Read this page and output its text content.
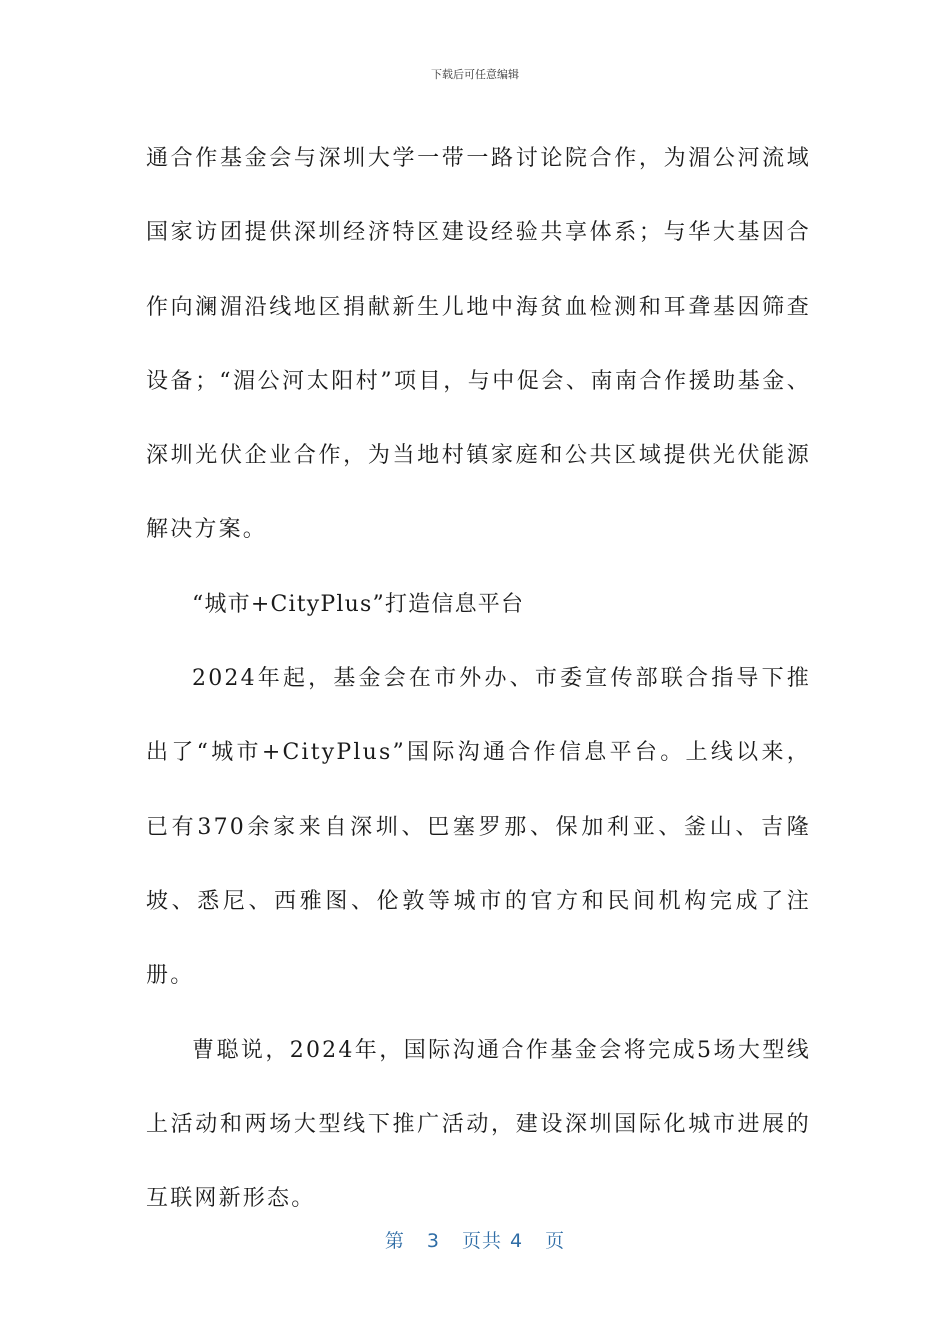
下载后可任意编辑

通合作基金会与深圳大学一带一路讨论院合作，为湄公河流域国家访团提供深圳经济特区建设经验共享体系；与华大基因合作向澜湄沿线地区捐献新生儿地中海贫血检测和耳聋基因筛查设备；“湄公河太阳村”项目，与中促会、南南合作援助基金、深圳光伏企业合作，为当地村镇家庭和公共区域提供光伏能源解决方案。

“城市+CityPlus”打造信息平台

2024年起，基金会在市外办、市委宣传部联合指导下推出了“城市+CityPlus”国际沟通合作信息平台。上线以来，已有370余家来自深圳、巴塞罗那、保加利亚、釜山、吉隆坡、悉尼、西雅图、伦敦等城市的官方和民间机构完成了注册。

曹聪说，2024年，国际沟通合作基金会将完成5场大型线上活动和两场大型线下推广活动，建设深圳国际化城市进展的互联网新形态。

第 3 页共 4 页
